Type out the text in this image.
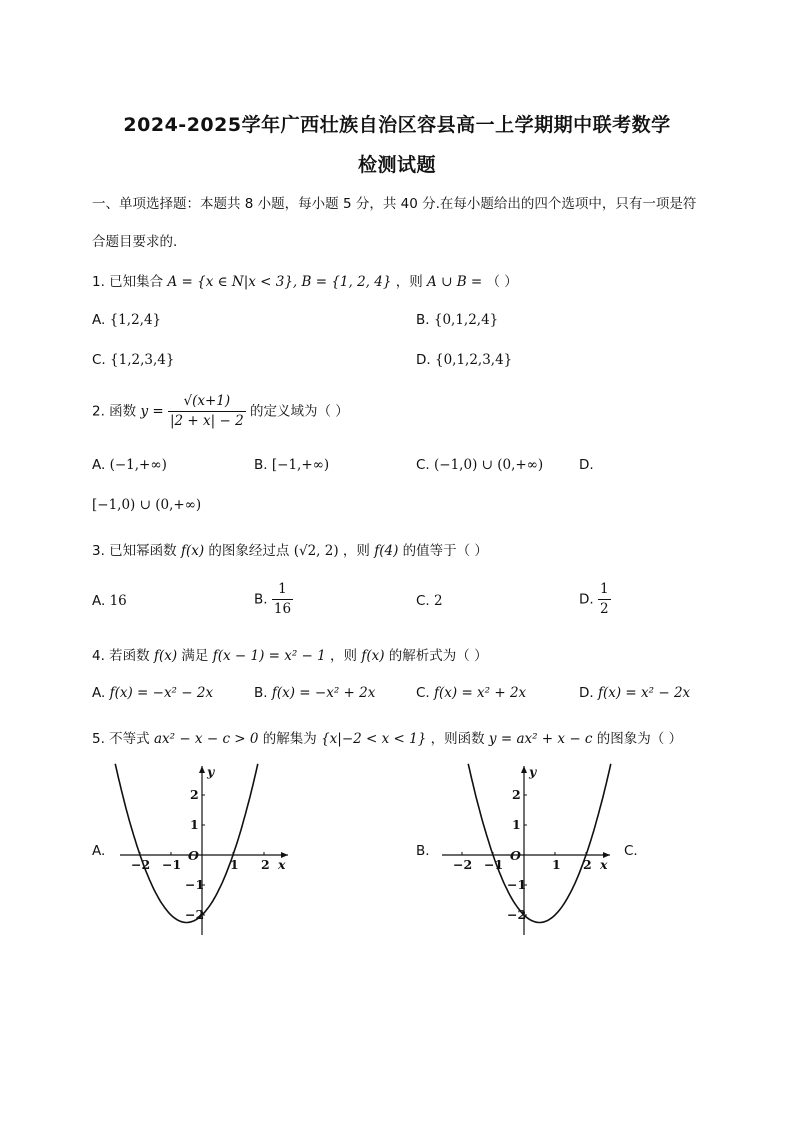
2024-2025学年广西壮族自治区容县高一上学期期中联考数学
检测试题
一、单项选择题：本题共 8 小题，每小题 5 分，共 40 分.在每小题给出的四个选项中，只有一项是符
合题目要求的.
1. 已知集合 A = {x ∈ N|x < 3}, B = {1, 2, 4} ，则 A ∪ B = （ ）
A. {1,2,4}	B. {0,1,2,4}
C. {1,2,3,4}	D. {0,1,2,3,4}
2. 函数 $y = \frac{√(x+1)}{|2 + x| - 2}$ 的定义域为（ ）
A. (−1,+∞)	B. [−1,+∞)	C. (−1,0) ∪ (0,+∞)	D.
[−1,0) ∪ (0,+∞)
3. 已知幂函数 f(x) 的图象经过点 (√2, 2) ，则 f(4) 的值等于（ ）
A. 16	B. $\frac{1}{16}$	C. 2	D. $\frac{1}{2}$
4. 若函数 f(x) 满足 f(x − 1) = x² − 1 ，则 f(x) 的解析式为（ ）
A. f(x) = −x² − 2x	B. f(x) = −x² + 2x	C. f(x) = x² + 2x	D. f(x) = x² − 2x
5. 不等式 ax² − x − c > 0 的解集为 {x|−2 < x < 1} ，则函数 y = ax² + x − c 的图象为（ ）
A.	B.	C.
−2 −1	1 2
2
1
−1
−2
O
x
y
−2 −1	1 2
2
1
−1
−2
O
x
y
